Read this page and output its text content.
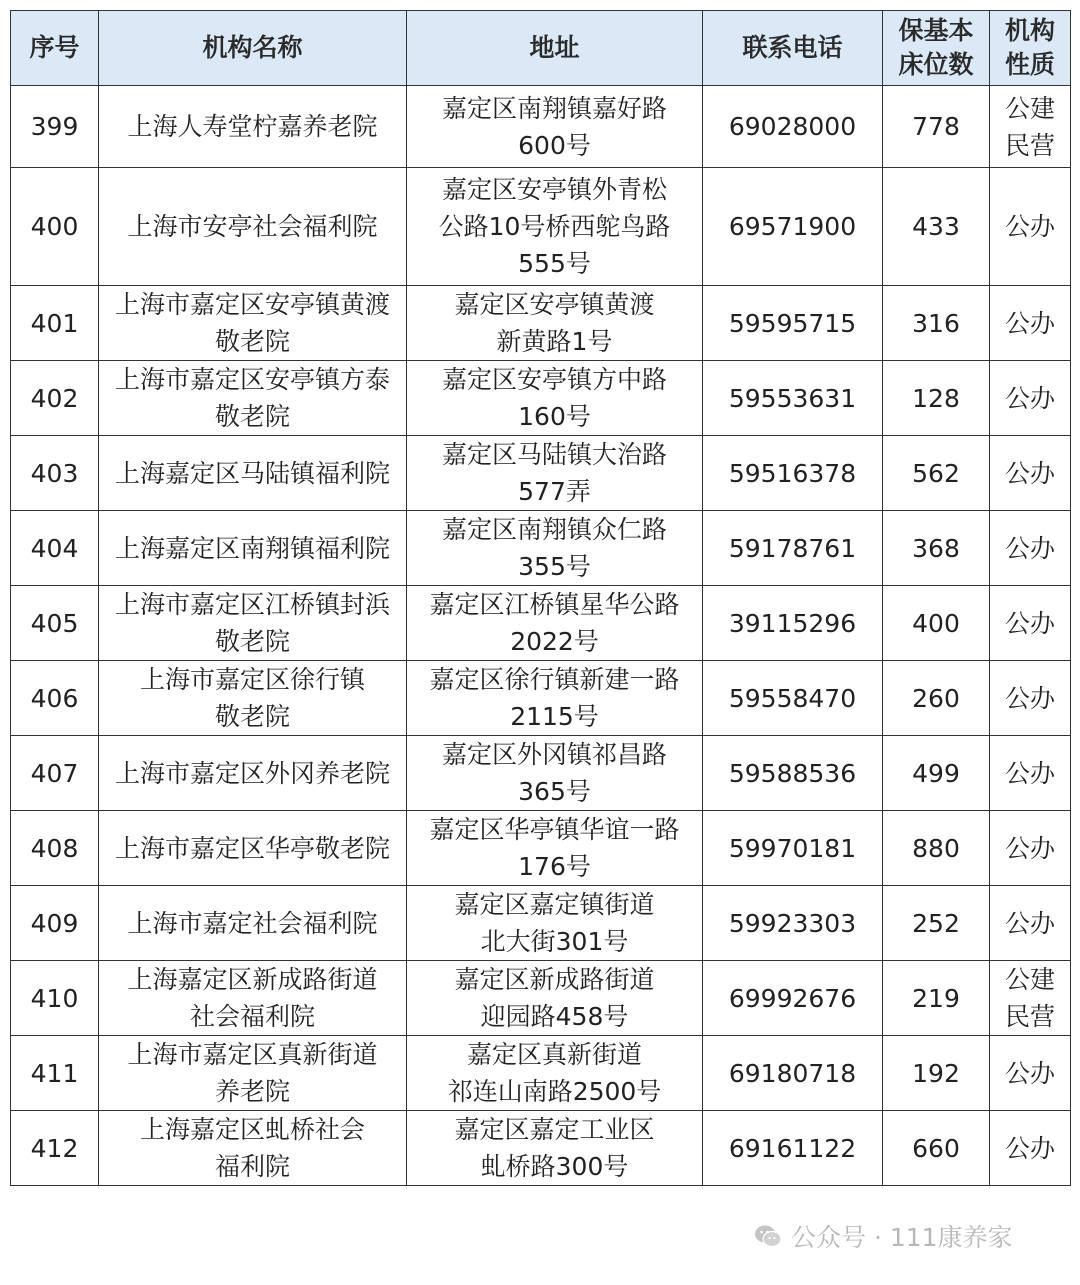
序号	机构名称	地址	联系电话	保基本
床位数	机构
性质
399	上海人寿堂柠嘉养老院	嘉定区南翔镇嘉好路
600号	69028000	778	公建
民营
400	上海市安亭社会福利院	嘉定区安亭镇外青松
公路10号桥西鸵鸟路
555号	69571900	433	公办
401	上海市嘉定区安亭镇黄渡
敬老院	嘉定区安亭镇黄渡
新黄路1号	59595715	316	公办
402	上海市嘉定区安亭镇方泰
敬老院	嘉定区安亭镇方中路
160号	59553631	128	公办
403	上海嘉定区马陆镇福利院	嘉定区马陆镇大治路
577弄	59516378	562	公办
404	上海嘉定区南翔镇福利院	嘉定区南翔镇众仁路
355号	59178761	368	公办
405	上海市嘉定区江桥镇封浜
敬老院	嘉定区江桥镇星华公路
2022号	39115296	400	公办
406	上海市嘉定区徐行镇
敬老院	嘉定区徐行镇新建一路
2115号	59558470	260	公办
407	上海市嘉定区外冈养老院	嘉定区外冈镇祁昌路
365号	59588536	499	公办
408	上海市嘉定区华亭敬老院	嘉定区华亭镇华谊一路
176号	59970181	880	公办
409	上海市嘉定社会福利院	嘉定区嘉定镇街道
北大街301号	59923303	252	公办
410	上海嘉定区新成路街道
社会福利院	嘉定区新成路街道
迎园路458号	69992676	219	公建
民营
411	上海市嘉定区真新街道
养老院	嘉定区真新街道
祁连山南路2500号	69180718	192	公办
412	上海嘉定区虬桥社会
福利院	嘉定区嘉定工业区
虬桥路300号	69161122	660	公办
公众号 · 111康养家
